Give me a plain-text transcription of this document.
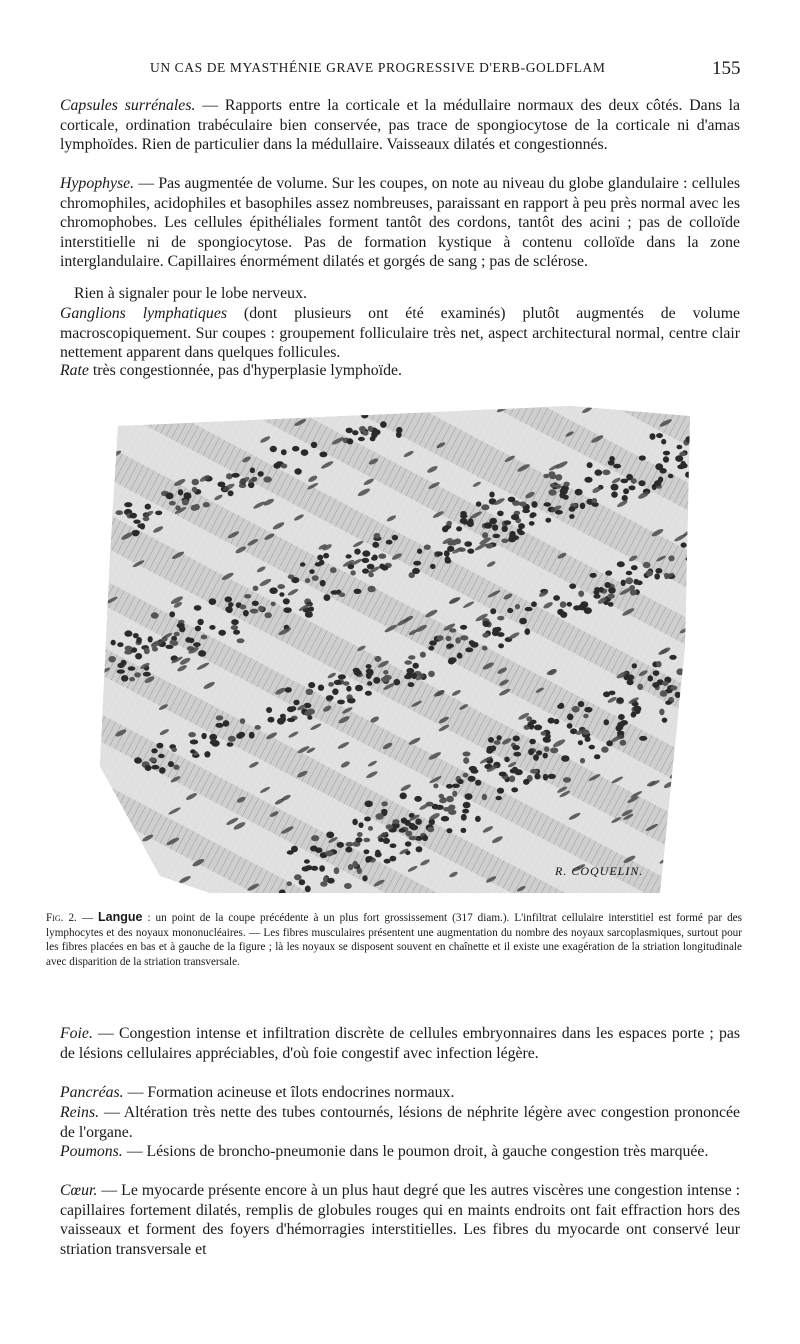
UN CAS DE MYASTHÉNIE GRAVE PROGRESSIVE D'ERB-GOLDFLAM	155

Capsules surrénales. — Rapports entre la corticale et la médullaire normaux des deux côtés. Dans la corticale, ordination trabéculaire bien conservée, pas trace de spongiocytose de la corticale ni d'amas lymphoïdes. Rien de particulier dans la médullaire. Vaisseaux dilatés et congestionnés.

Hypophyse. — Pas augmentée de volume. Sur les coupes, on note au niveau du globe glandulaire : cellules chromophiles, acidophiles et basophiles assez nombreuses, paraissant en rapport à peu près normal avec les chromophobes. Les cellules épithéliales forment tantôt des cordons, tantôt des acini ; pas de colloïde interstitielle ni de spongiocytose. Pas de formation kystique à contenu colloïde dans la zone interglandulaire. Capillaires énormément dilatés et gorgés de sang ; pas de sclérose.

Rien à signaler pour le lobe nerveux.

Ganglions lymphatiques (dont plusieurs ont été examinés) plutôt augmentés de volume macroscopiquement. Sur coupes : groupement folliculaire très net, aspect architectural normal, centre clair nettement apparent dans quelques follicules.

Rate très congestionnée, pas d'hyperplasie lymphoïde.

R. COQUELIN.

Fig. 2. — Langue : un point de la coupe précédente à un plus fort grossissement (317 diam.). L'infiltrat cellulaire interstitiel est formé par des lymphocytes et des noyaux mononucléaires. — Les fibres musculaires présentent une augmentation du nombre des noyaux sarcoplasmiques, surtout pour les fibres placées en bas et à gauche de la figure ; là les noyaux se disposent souvent en chaînette et il existe une exagération de la striation longitudinale avec disparition de la striation transversale.

Foie. — Congestion intense et infiltration discrète de cellules embryonnaires dans les espaces porte ; pas de lésions cellulaires appréciables, d'où foie congestif avec infection légère.

Pancréas. — Formation acineuse et îlots endocrines normaux.

Reins. — Altération très nette des tubes contournés, lésions de néphrite légère avec congestion prononcée de l'organe.

Poumons. — Lésions de broncho-pneumonie dans le poumon droit, à gauche congestion très marquée.

Cœur. — Le myocarde présente encore à un plus haut degré que les autres viscères une congestion intense : capillaires fortement dilatés, remplis de globules rouges qui en maints endroits ont fait effraction hors des vaisseaux et forment des foyers d'hémorragies interstitielles. Les fibres du myocarde ont conservé leur striation transversale et
